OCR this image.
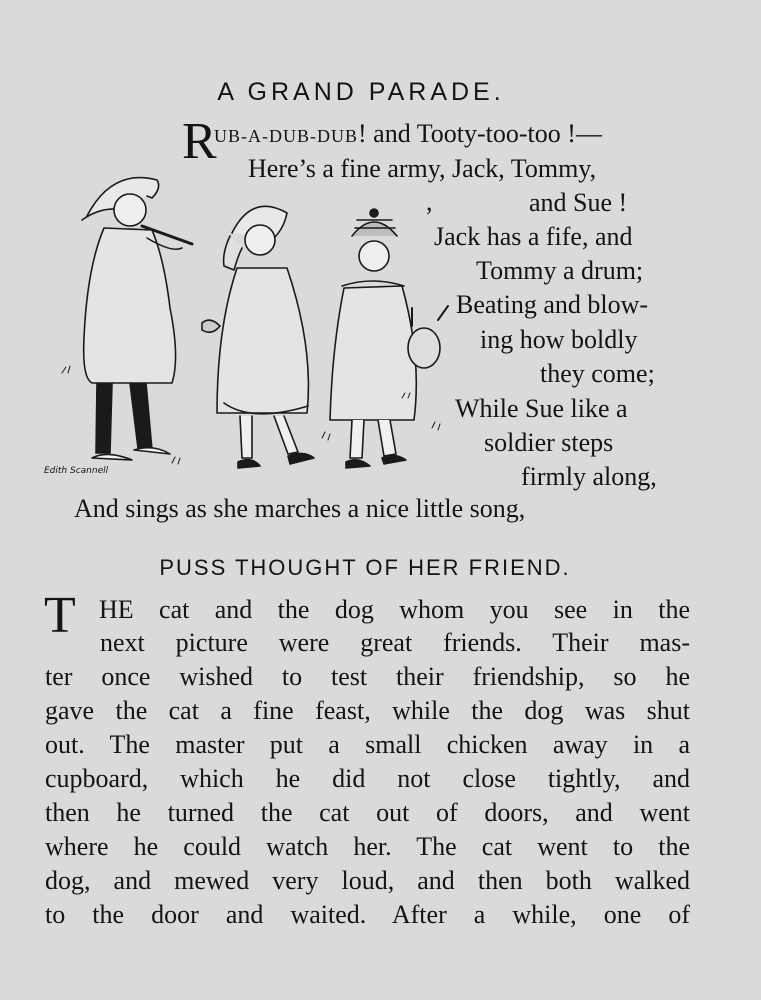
A GRAND PARADE.
R
UB-A-DUB-DUB! and Tooty-too-too !—
Here’s a fine army, Jack, Tommy,
,	and Sue !
Jack has a fife, and
Tommy a drum;
Beating and blow-
ing how boldly
they come;
While Sue like a
soldier steps
firmly along,
And sings as she marches a nice little song,
Edith Scannell
PUSS THOUGHT OF HER FRIEND.
T HE cat and the dog whom you see in the
next picture were great friends. Their mas-
ter once wished to test their friendship, so he
gave the cat a fine feast, while the dog was shut
out. The master put a small chicken away in a
cupboard, which he did not close tightly, and
then he turned the cat out of doors, and went
where he could watch her. The cat went to the
dog, and mewed very loud, and then both walked
to the door and waited. After a while, one of
